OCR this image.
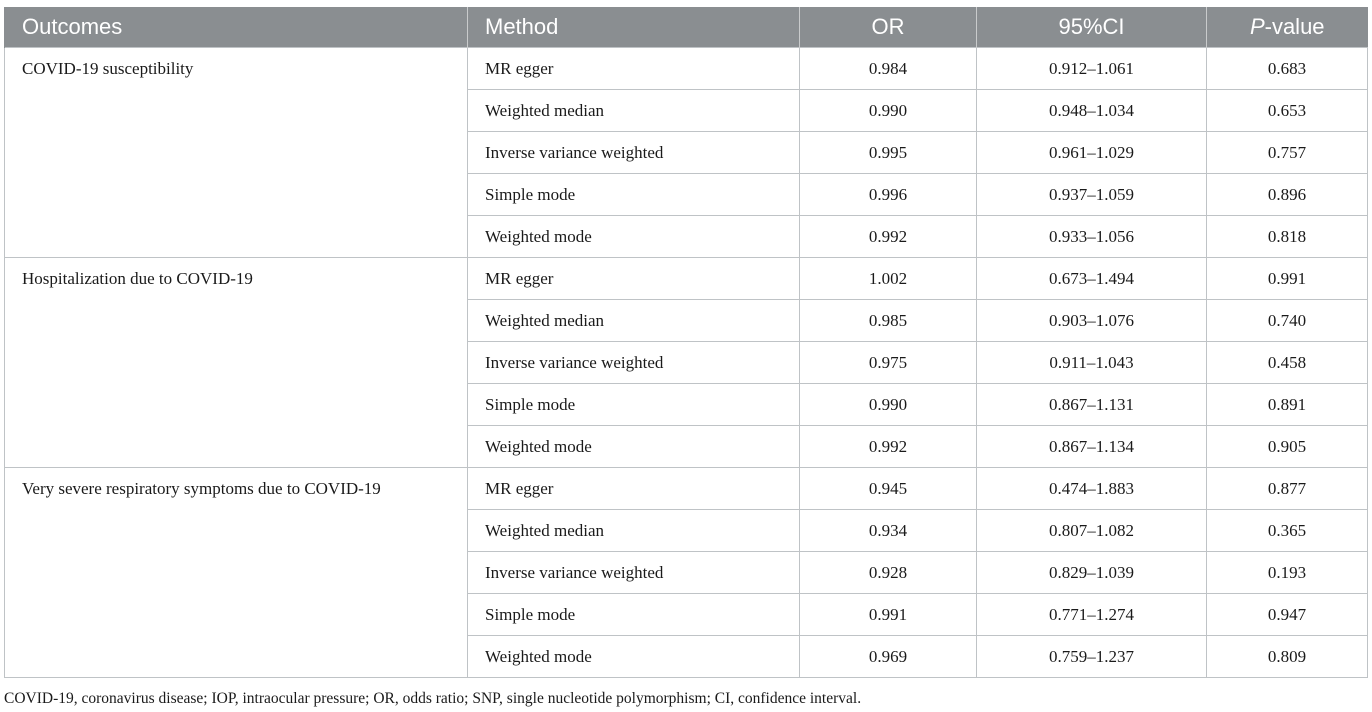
Outcomes	Method	OR	95%CI	P-value
COVID-19 susceptibility	MR egger	0.984	0.912–1.061	0.683
	Weighted median	0.990	0.948–1.034	0.653
	Inverse variance weighted	0.995	0.961–1.029	0.757
	Simple mode	0.996	0.937–1.059	0.896
	Weighted mode	0.992	0.933–1.056	0.818
Hospitalization due to COVID-19	MR egger	1.002	0.673–1.494	0.991
	Weighted median	0.985	0.903–1.076	0.740
	Inverse variance weighted	0.975	0.911–1.043	0.458
	Simple mode	0.990	0.867–1.131	0.891
	Weighted mode	0.992	0.867–1.134	0.905
Very severe respiratory symptoms due to COVID-19	MR egger	0.945	0.474–1.883	0.877
	Weighted median	0.934	0.807–1.082	0.365
	Inverse variance weighted	0.928	0.829–1.039	0.193
	Simple mode	0.991	0.771–1.274	0.947
	Weighted mode	0.969	0.759–1.237	0.809
COVID-19, coronavirus disease; IOP, intraocular pressure; OR, odds ratio; SNP, single nucleotide polymorphism; CI, confidence interval.
